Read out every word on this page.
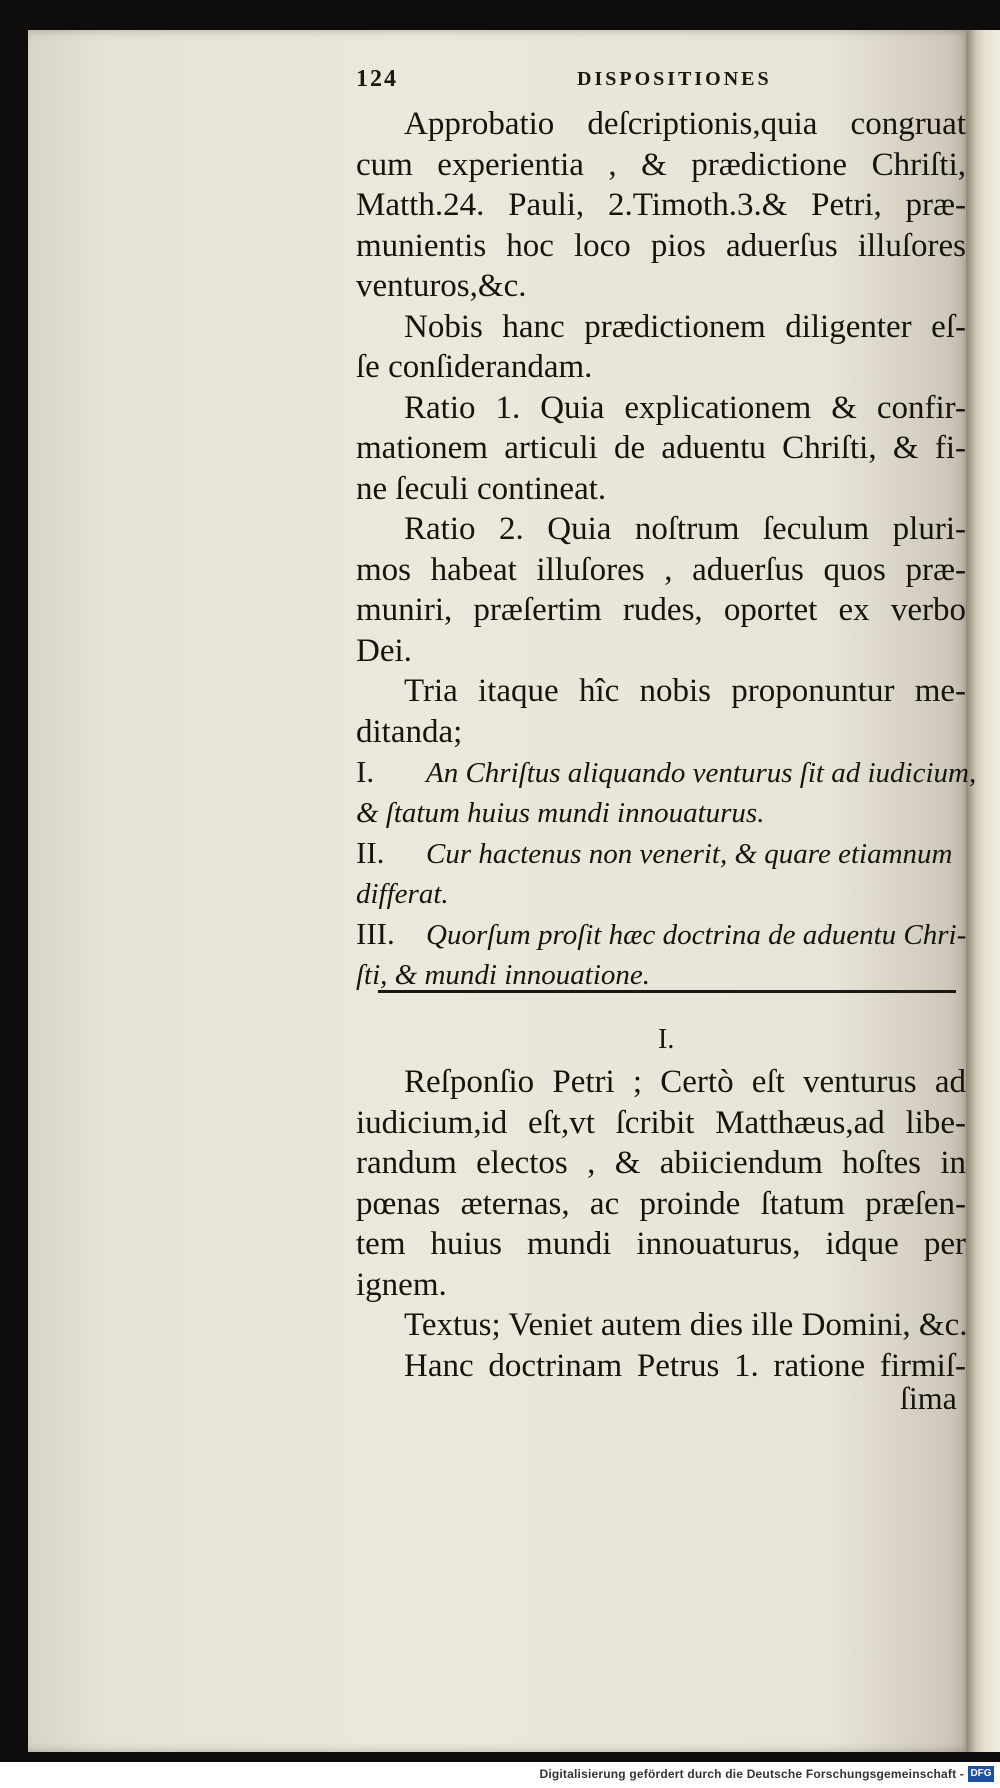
124	DISPOSITIONES
Approbatio deſcriptionis,quia congruat
cum experientia , & prædictione Chriſti,
Matth.24. Pauli, 2.Timoth.3.& Petri, præ-
munientis hoc loco pios aduerſus illuſores
venturos,&c.
Nobis hanc prædictionem diligenter eſ-
ſe conſiderandam.
Ratio 1. Quia explicationem & confir-
mationem articuli de aduentu Chriſti, & fi-
ne ſeculi contineat.
Ratio 2. Quia noſtrum ſeculum pluri-
mos habeat illuſores , aduerſus quos præ-
muniri, præſertim rudes, oportet ex verbo
Dei.
Tria itaque hîc nobis proponuntur me-
ditanda;
I. An Chriſtus aliquando venturus ſit ad iudicium,
& ſtatum huius mundi innouaturus.
II. Cur hactenus non venerit, & quare etiamnum
differat.
III. Quorſum proſit hæc doctrina de aduentu Chri-
ſti, & mundi innouatione.
I.
Reſponſio Petri ; Certò eſt venturus ad
iudicium,id eſt,vt ſcribit Matthæus,ad libe-
randum electos , & abiiciendum hoſtes in
pœnas æternas, ac proinde ſtatum præſen-
tem huius mundi innouaturus, idque per
ignem.
Textus; Veniet autem dies ille Domini, &c.
Hanc doctrinam Petrus 1. ratione firmiſ-
ſima
Digitalisierung gefördert durch die Deutsche Forschungsgemeinschaft - DFG
